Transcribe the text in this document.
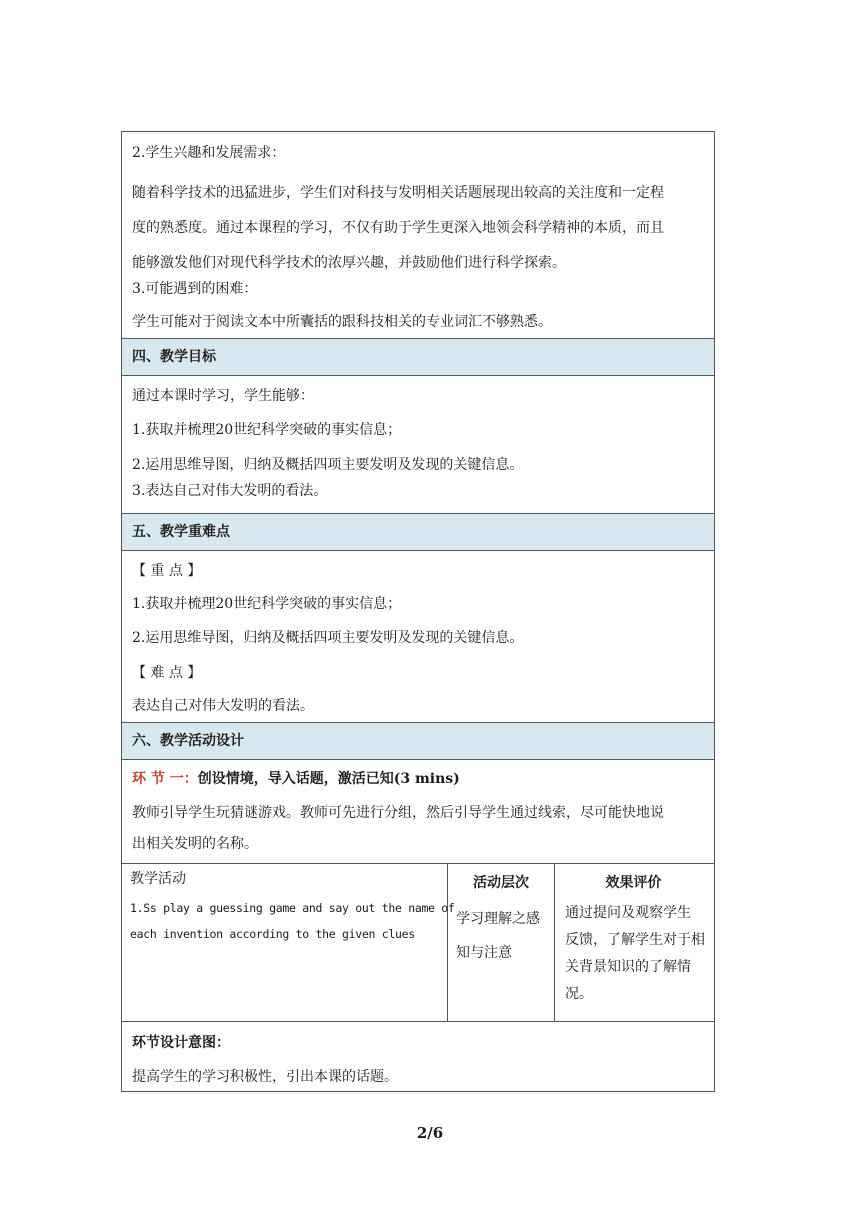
2.学生兴趣和发展需求：
随着科学技术的迅猛进步，学生们对科技与发明相关话题展现出较高的关注度和一定程
度的熟悉度。通过本课程的学习，不仅有助于学生更深入地领会科学精神的本质，而且
能够激发他们对现代科学技术的浓厚兴趣，并鼓励他们进行科学探索。
3.可能遇到的困难：
学生可能对于阅读文本中所囊括的跟科技相关的专业词汇不够熟悉。
四、教学目标
通过本课时学习，学生能够：
1.获取并梳理20世纪科学突破的事实信息；
2.运用思维导图，归纳及概括四项主要发明及发现的关键信息。
3.表达自己对伟大发明的看法。
五、教学重难点
【 重 点 】
1.获取并梳理20世纪科学突破的事实信息；
2.运用思维导图，归纳及概括四项主要发明及发现的关键信息。
【 难 点 】
表达自己对伟大发明的看法。
六、教学活动设计
环 节 一：创设情境，导入话题，激活已知(3 mins)
教师引导学生玩猜谜游戏。教师可先进行分组，然后引导学生通过线索，尽可能快地说
出相关发明的名称。
教学活动
1.Ss play a guessing game and say out the name of
each invention according to the given clues
活动层次
学习理解之感
知与注意
效果评价
通过提问及观察学生
反馈，了解学生对于相
关背景知识的了解情
况。
环节设计意图：
提高学生的学习积极性，引出本课的话题。
2/6
